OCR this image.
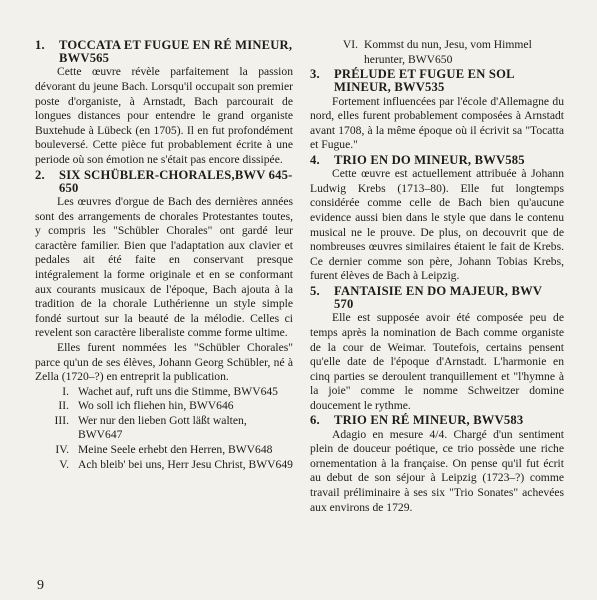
1.	TOCCATA ET FUGUE EN RÉ MINEUR, BWV565
Cette œuvre révèle parfaitement la passion dévorant du jeune Bach. Lorsqu'il occupait son premier poste d'organiste, à Arnstadt, Bach parcourait de longues distances pour entendre le grand organiste Buxtehude à Lübeck (en 1705). Il en fut profondément bouleversé. Cette pièce fut probablement écrite à une periode où son émotion ne s'était pas encore dissipée.
2.	SIX SCHÜBLER-CHORALES,BWV 645-650
Les œuvres d'orgue de Bach des dernières années sont des arrangements de chorales Protestantes toutes, y compris les "Schübler Chorales" ont gardé leur caractère familier. Bien que l'adaptation aux clavier et pedales ait été faite en conservant presque intégralement la forme originale et en se conformant aux courants musicaux de l'époque, Bach ajouta à la tradition de la chorale Luthérienne un style simple fondé surtout sur la beauté de la mélodie. Celles ci revelent son caractère liberaliste comme forme ultime.
Elles furent nommées les "Schübler Chorales" parce qu'un de ses élèves, Johann Georg Schübler, né à Zella (1720–?) en entreprit la publication.
I. Wachet auf, ruft uns die Stimme, BWV645
II. Wo soll ich fliehen hin, BWV646
III. Wer nur den lieben Gott läßt walten, BWV647
IV. Meine Seele erhebt den Herren, BWV648
V. Ach bleib' bei uns, Herr Jesu Christ, BWV649
VI. Kommst du nun, Jesu, vom Himmel herunter, BWV650
3.	PRÉLUDE ET FUGUE EN SOL MINEUR, BWV535
Fortement influencées par l'école d'Allemagne du nord, elles furent probablement composées à Arnstadt avant 1708, à la même époque où il écrivit sa "Tocatta et Fugue."
4.	TRIO EN DO MINEUR, BWV585
Cette œuvre est actuellement attribuée à Johann Ludwig Krebs (1713–80). Elle fut longtemps considérée comme celle de Bach bien qu'aucune evidence aussi bien dans le style que dans le contenu musical ne le prouve. De plus, on decouvrit que de nombreuses œuvres similaires étaient le fait de Krebs. Ce dernier comme son père, Johann Tobias Krebs, furent élèves de Bach à Leipzig.
5.	FANTAISIE EN DO MAJEUR, BWV 570
Elle est supposée avoir été composée peu de temps après la nomination de Bach comme organiste de la cour de Weimar. Toutefois, certains pensent qu'elle date de l'époque d'Arnstadt. L'harmonie en cinq parties se deroulent tranquillement et "l'hymne à la joie" comme le nomme Schweitzer domine doucement le rythme.
6.	TRIO EN RÉ MINEUR, BWV583
Adagio en mesure 4/4. Chargé d'un sentiment plein de douceur poétique, ce trio possède une riche ornementation à la française. On pense qu'il fut écrit au debut de son séjour à Leipzig (1723–?) comme travail préliminaire à ses six "Trio Sonates" achevées aux environs de 1729.
9
